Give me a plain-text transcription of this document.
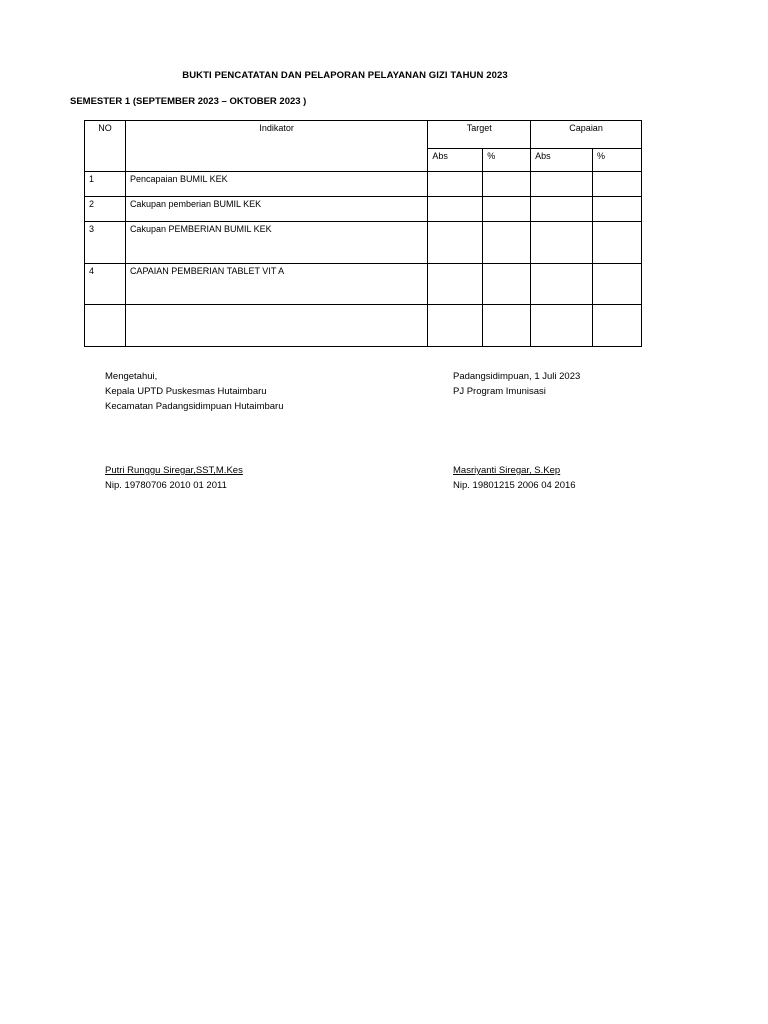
BUKTI PENCATATAN DAN PELAPORAN PELAYANAN GIZI TAHUN 2023
SEMESTER 1 (SEPTEMBER 2023 – OKTOBER 2023 )
NO	Indikator	Target		Capaian	
		Abs	%	Abs	%
1	Pencapaian BUMIL KEK				
2	Cakupan pemberian BUMIL KEK				
3	Cakupan PEMBERIAN BUMIL KEK				
4	CAPAIAN PEMBERIAN TABLET VIT A				

Mengetahui,
Kepala UPTD Puskesmas Hutaimbaru
Kecamatan Padangsidimpuan Hutaimbaru
Padangsidimpuan, 1 Juli 2023
PJ Program Imunisasi
Putri Runggu Siregar,SST,M.Kes
Nip. 19780706 2010 01 2011
Masriyanti Siregar, S.Kep
Nip. 19801215 2006 04 2016
